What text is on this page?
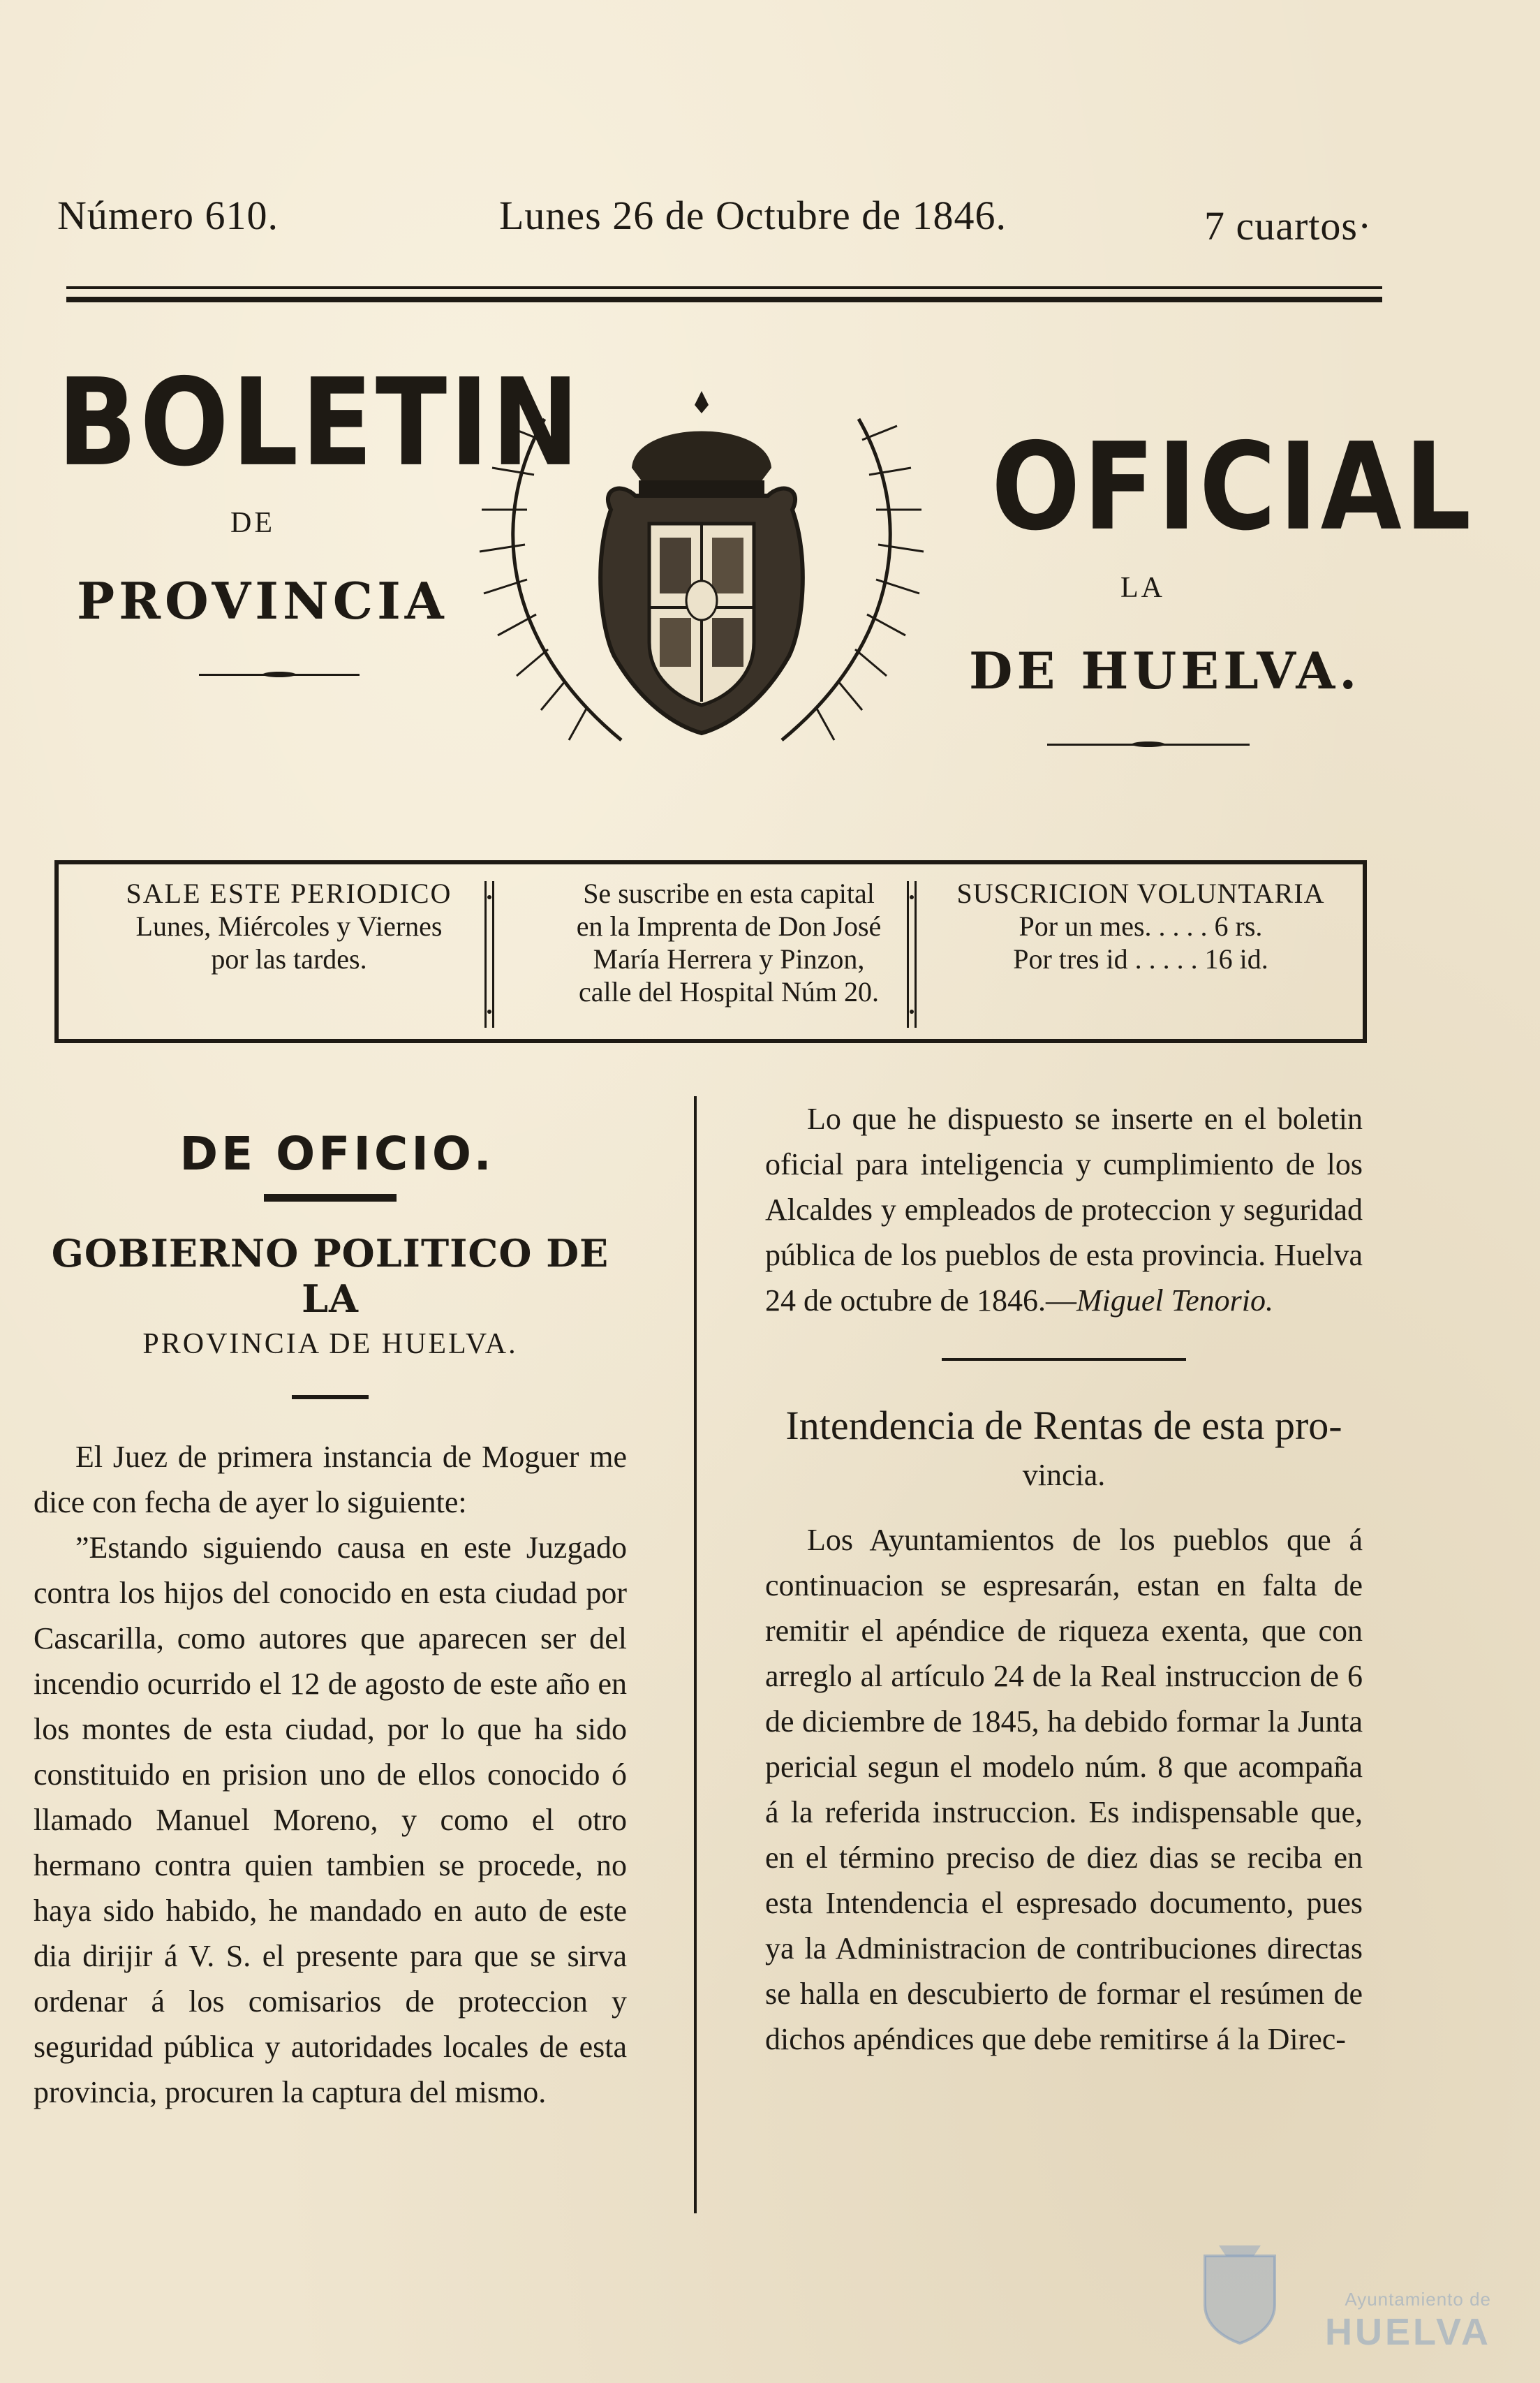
Número 610.	Lunes 26 de Octubre de 1846.	7 cuartos·
BOLETIN
DE
PROVINCIA
OFICIAL
LA
DE HUELVA.
SALE ESTE PERIODICO
Lunes, Miércoles y Viernes
por las tardes.
Se suscribe en esta capital
en la Imprenta de Don José
María Herrera y Pinzon,
calle del Hospital Núm 20.
SUSCRICION VOLUNTARIA
Por un mes. . . . . 6 rs.
Por tres id . . . . . 16 id.
DE OFICIO.
GOBIERNO POLITICO DE LA
PROVINCIA DE HUELVA.

El Juez de primera instancia de Moguer me dice con fecha de ayer lo siguiente:

”Estando siguiendo causa en este Juzgado contra los hijos del conocido en esta ciudad por Cascarilla, como autores que aparecen ser del incendio ocurrido el 12 de agosto de este año en los montes de esta ciudad, por lo que ha sido constituido en prision uno de ellos conocido ó llamado Manuel Moreno, y como el otro hermano contra quien tambien se procede, no haya sido habido, he mandado en auto de este dia dirijir á V. S. el presente para que se sirva ordenar á los comisarios de proteccion y seguridad pública y autoridades locales de esta provincia, procuren la captura del mismo.

Lo que he dispuesto se inserte en el boletin oficial para inteligencia y cumplimiento de los Alcaldes y empleados de proteccion y seguridad pública de los pueblos de esta provincia. Huelva 24 de octubre de 1846.—Miguel Tenorio.

Intendencia de Rentas de esta pro-
vincia.

Los Ayuntamientos de los pueblos que á continuacion se espresarán, estan en falta de remitir el apéndice de riqueza exenta, que con arreglo al artículo 24 de la Real instruccion de 6 de diciembre de 1845, ha debido formar la Junta pericial segun el modelo núm. 8 que acompaña á la referida instruccion. Es indispensable que, en el término preciso de diez dias se reciba en esta Intendencia el espresado documento, pues ya la Administracion de contribuciones directas se halla en descubierto de formar el resúmen de dichos apéndices que debe remitirse á la Direc-

Ayuntamiento de
HUELVA
